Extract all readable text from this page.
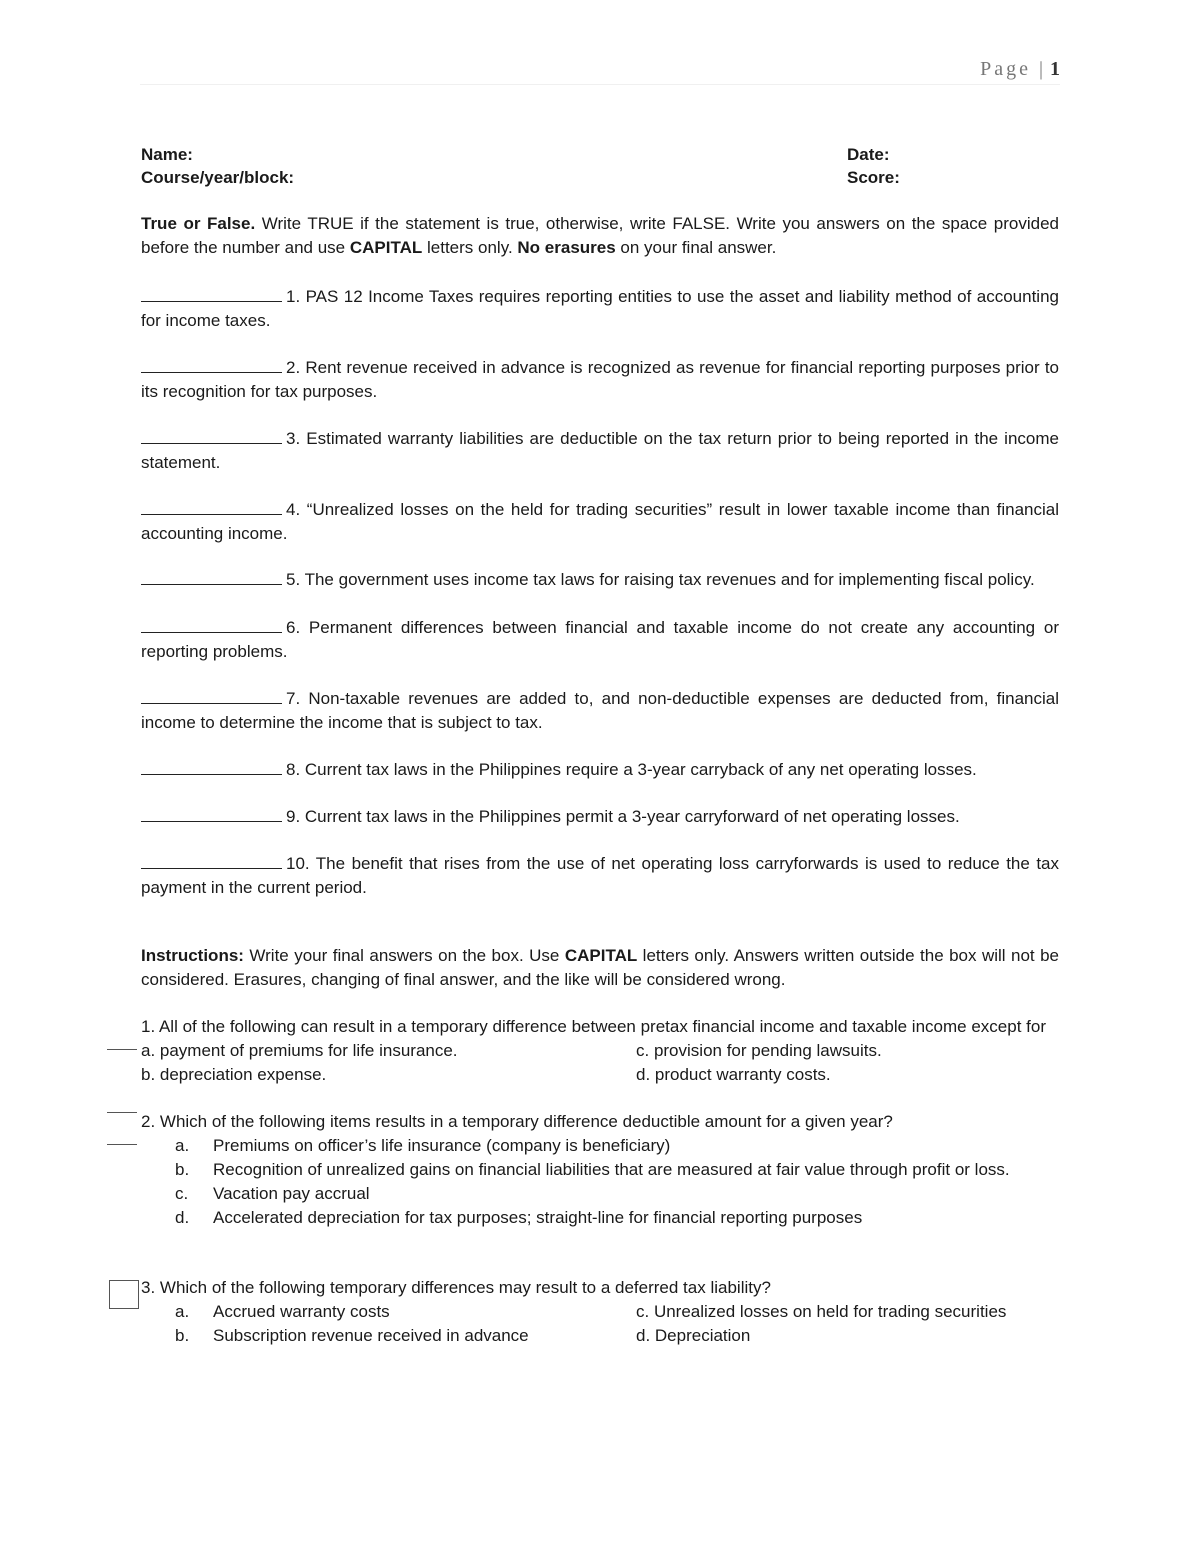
Page | 1
Name:
Course/year/block:
Date:
Score:
True or False. Write TRUE if the statement is true, otherwise, write FALSE. Write you answers on the space provided before the number and use CAPITAL letters only. No erasures on your final answer.
1. PAS 12 Income Taxes requires reporting entities to use the asset and liability method of accounting for income taxes.
2. Rent revenue received in advance is recognized as revenue for financial reporting purposes prior to its recognition for tax purposes.
3. Estimated warranty liabilities are deductible on the tax return prior to being reported in the income statement.
4. “Unrealized losses on the held for trading securities” result in lower taxable income than financial accounting income.
5. The government uses income tax laws for raising tax revenues and for implementing fiscal policy.
6. Permanent differences between financial and taxable income do not create any accounting or reporting problems.
7. Non-taxable revenues are added to, and non-deductible expenses are deducted from, financial income to determine the income that is subject to tax.
8. Current tax laws in the Philippines require a 3-year carryback of any net operating losses.
9. Current tax laws in the Philippines permit a 3-year carryforward of net operating losses.
10. The benefit that rises from the use of net operating loss carryforwards is used to reduce the tax payment in the current period.
Instructions: Write your final answers on the box. Use CAPITAL letters only. Answers written outside the box will not be considered. Erasures, changing of final answer, and the like will be considered wrong.
1. All of the following can result in a temporary difference between pretax financial income and taxable income except for
a. payment of premiums for life insurance.	c. provision for pending lawsuits.
b. depreciation expense.	d. product warranty costs.
2. Which of the following items results in a temporary difference deductible amount for a given year?
a.	Premiums on officer’s life insurance (company is beneficiary)
b.	Recognition of unrealized gains on financial liabilities that are measured at fair value through profit or loss.
c.	Vacation pay accrual
d.	Accelerated depreciation for tax purposes; straight-line for financial reporting purposes
3. Which of the following temporary differences may result to a deferred tax liability?
a.	Accrued warranty costs	c. Unrealized losses on held for trading securities
b.	Subscription revenue received in advance	d. Depreciation
